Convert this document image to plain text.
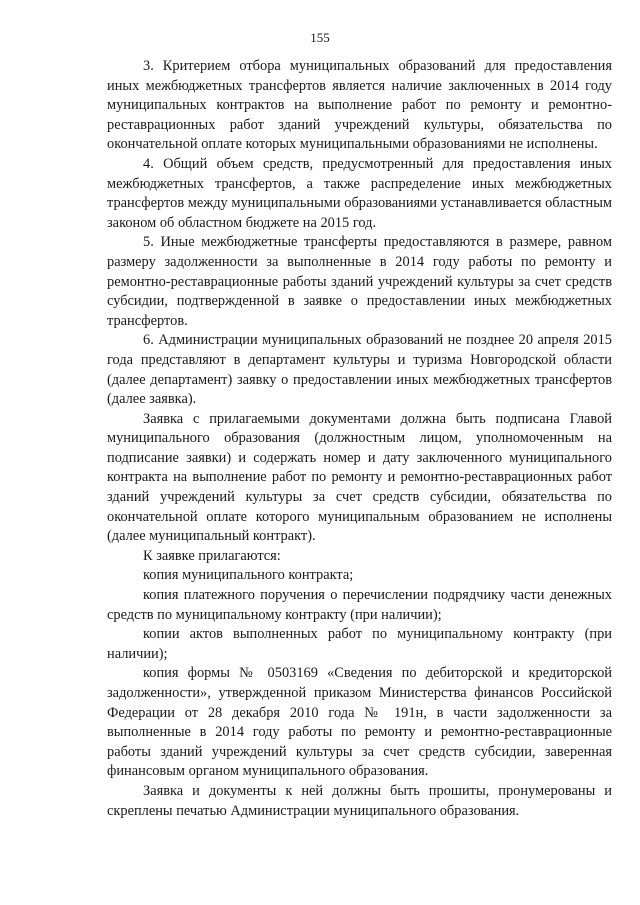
155

3. Критерием отбора муниципальных образований для предоставления иных межбюджетных трансфертов является наличие заключенных в 2014 году муниципальных контрактов на выполнение работ по ремонту и ремонтно-реставрационных работ зданий учреждений культуры, обязательства по окончательной оплате которых муниципальными образованиями не исполнены.

4. Общий объем средств, предусмотренный для предоставления иных межбюджетных трансфертов, а также распределение иных межбюджетных трансфертов между муниципальными образованиями устанавливается областным законом об областном бюджете на 2015 год.

5. Иные межбюджетные трансферты предоставляются в размере, равном размеру задолженности за выполненные в 2014 году работы по ремонту и ремонтно-реставрационные работы зданий учреждений культуры за счет средств субсидии, подтвержденной в заявке о предоставлении иных межбюджетных трансфертов.

6. Администрации муниципальных образований не позднее 20 апреля 2015 года представляют в департамент культуры и туризма Новгородской области (далее департамент) заявку о предоставлении иных межбюджетных трансфертов (далее заявка).

Заявка с прилагаемыми документами должна быть подписана Главой муниципального образования (должностным лицом, уполномоченным на подписание заявки) и содержать номер и дату заключенного муниципального контракта на выполнение работ по ремонту и ремонтно-реставрационных работ зданий учреждений культуры за счет средств субсидии, обязательства по окончательной оплате которого муниципальным образованием не исполнены (далее муниципальный контракт).

К заявке прилагаются:

копия муниципального контракта;

копия платежного поручения о перечислении подрядчику части денежных средств по муниципальному контракту (при наличии);

копии актов выполненных работ по муниципальному контракту (при наличии);

копия формы № 0503169 «Сведения по дебиторской и кредиторской задолженности», утвержденной приказом Министерства финансов Российской Федерации от 28 декабря 2010 года № 191н, в части задолженности за выполненные в 2014 году работы по ремонту и ремонтно-реставрационные работы зданий учреждений культуры за счет средств субсидии, заверенная финансовым органом муниципального образования.

Заявка и документы к ней должны быть прошиты, пронумерованы и скреплены печатью Администрации муниципального образования.
